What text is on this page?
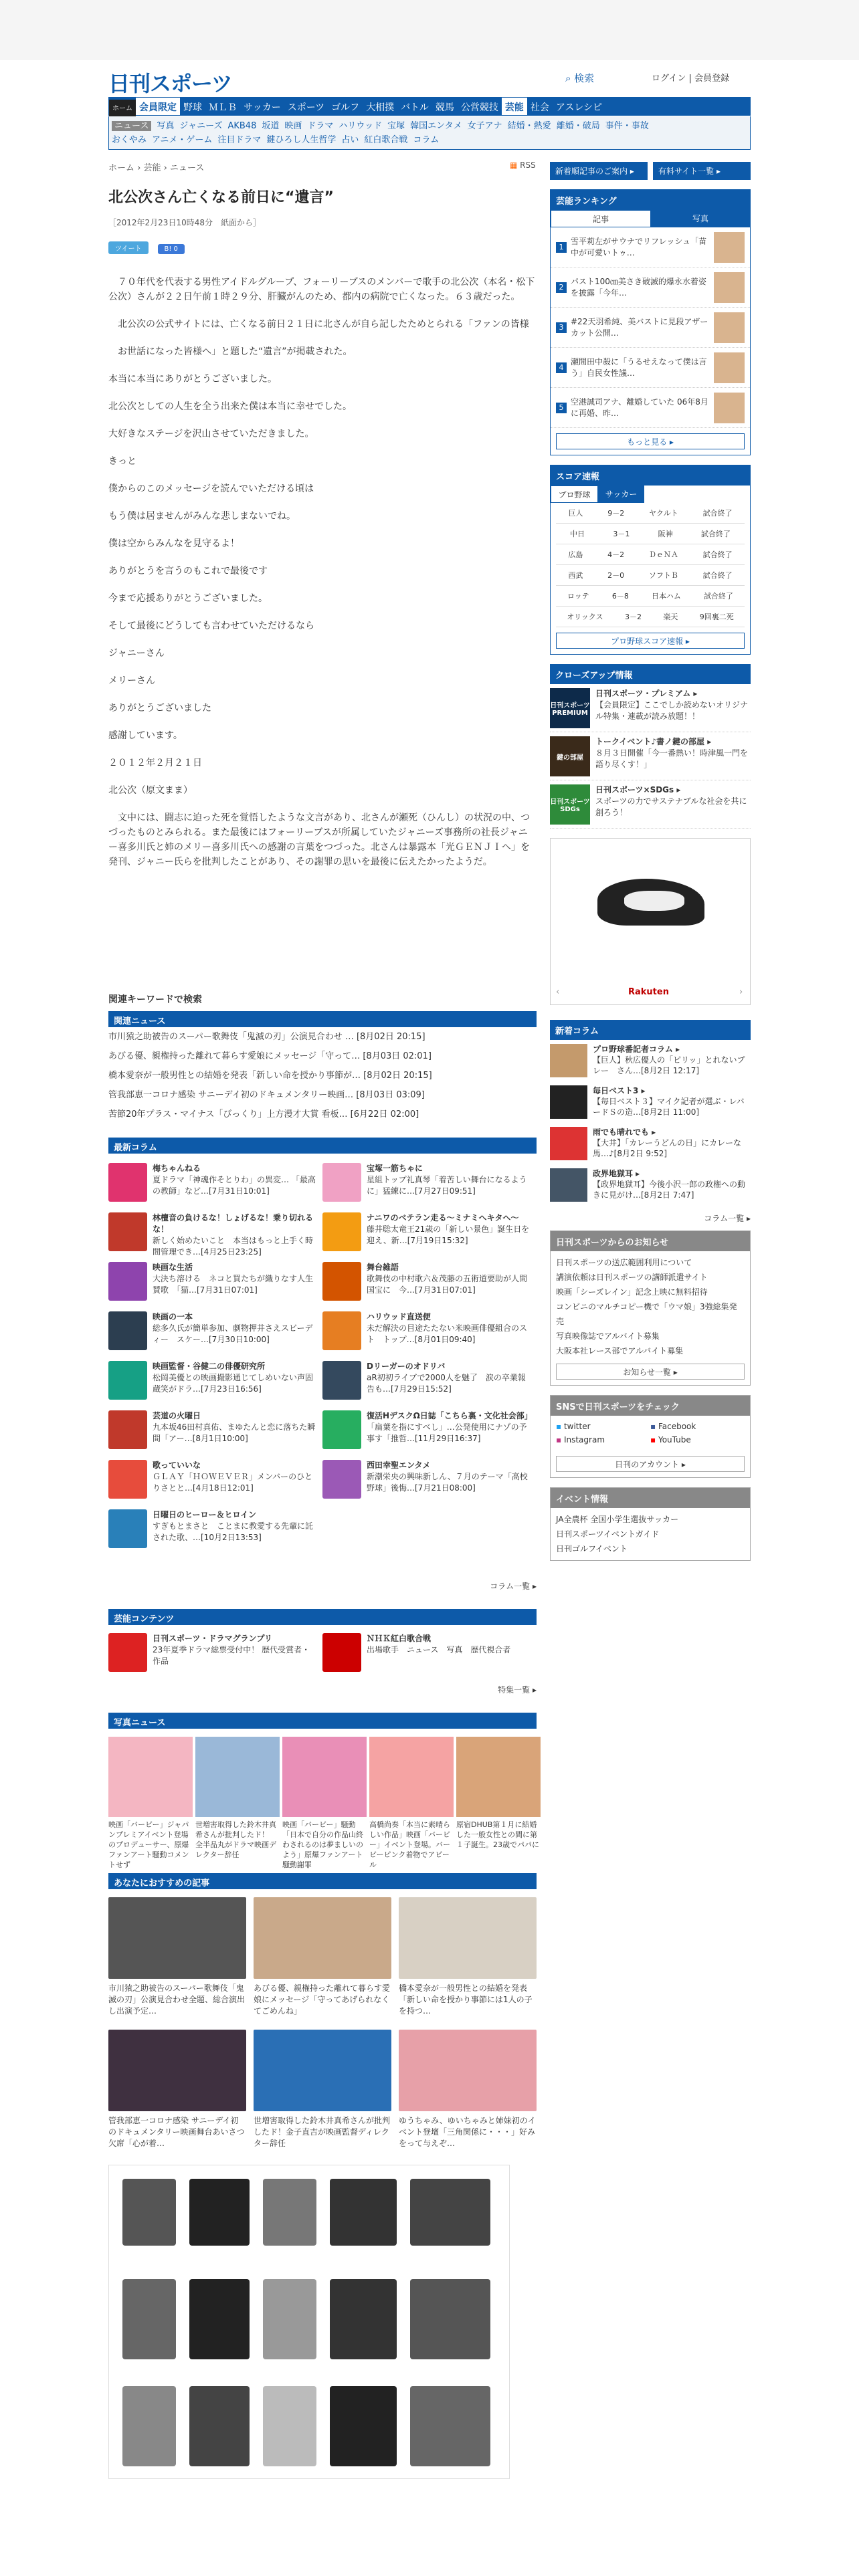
日刊スポーツ	⌕ 検索	ログイン | 会員登録
ホーム 会員限定 野球 ＭＬＢ サッカー スポーツ ゴルフ 大相撲 バトル 競馬 公営競技 芸能 社会 アスレシピ
ニュース 写真 ジャニーズ AKB48 坂道 映画 ドラマ ハリウッド 宝塚 韓国エンタメ 女子アナ 結婚・熱愛 離婚・破局 事件・事故
おくやみ アニメ・ゲーム 注目ドラマ 鍵ひろし人生哲学 占い 紅白歌合戦 コラム
ホーム › 芸能 › ニュース	▦ RSS
北公次さん亡くなる前日に“遺言”
［2012年2月23日10時48分　紙面から］
ツイート	B! 0

　７０年代を代表する男性アイドルグループ、フォーリーブスのメンバーで歌手の北公次（本名・松下公次）さんが２２日午前１時２９分、肝臓がんのため、都内の病院で亡くなった。６３歳だった。

　北公次の公式サイトには、亡くなる前日２１日に北さんが自ら記したためとられる「ファンの皆様

　お世話になった皆様へ」と題した“遺言”が掲載された。

本当に本当にありがとうございました。

北公次としての人生を全う出来た僕は本当に幸せでした。

大好きなステージを沢山させていただきました。

きっと

僕からのこのメッセージを読んでいただける頃は

もう僕は居ませんがみんな悲しまないでね。

僕は空からみんなを見守るよ！

ありがとうを言うのもこれで最後です

今まで応援ありがとうございました。

そして最後にどうしても言わせていただけるなら

ジャニーさん

メリーさん

ありがとうございました

感謝しています。

２０１２年２月２１日

北公次（原文まま）

　文中には、闘志に迫った死を覚悟したような文言があり、北さんが瀬死（ひんし）の状況の中、つづったものとみられる。また最後にはフォーリーブスが所属していたジャニーズ事務所の社長ジャニー喜多川氏と姉のメリー喜多川氏への感謝の言葉をつづった。北さんは暴露本「光ＧＥＮＪＩへ」を発刊、ジャニー氏らを批判したことがあり、その謝罪の思いを最後に伝えたかったようだ。

関連キーワードで検索
関連ニュース
市川猿之助被告のスーパー歌舞伎「鬼滅の刃」公演見合わせ … [8月02日 20:15]
あびる優、親権持った離れて暮らす愛娘にメッセージ「守って… [8月03日 02:01]
橋本愛奈が一般男性との結婚を発表「新しい命を授かり事節が… [8月02日 20:15]
管我部恵一コロナ感染 サニーデイ初のドキュメンタリー映画… [8月03日 03:09]
苦節20年プラス・マイナス「びっくり」上方漫才大賞 看板… [6月22日 02:00]
最新コラム
梅ちゃんねる
夏ドラマ「神魂作そとりわ」の異変… 「最高の教師」など…[7月31日10:01]
宝塚一筋ちゃに
星組トップ礼真琴「着苦しい舞台になるように」猛練に…[7月27日09:51]
林檀音の負けるな！しょげるな！乗り切れるな！
新しく始めたいこと　本当はもっと上手く時間管理でき…[4月25日23:25]
ナニワのベテラン走る～ミナミへキタへ～
藤井聡太竜王21歳の「新しい景色」誕生日を迎え、新…[7月19日15:32]
映画な生活
大決ち溶ける　ネコと買たちが織りなす人生賛歌　「猫…[7月31日07:01]
舞台雑語
歌舞伎の中村歌六＆茂藤の五術道要助が人間国宝に　今…[7月31日07:01]
映画の一本
総多久氏が簡単参加、劇物押井さえスビーディー　スケー…[7月30日10:00]
ハリウッド直送便
未だ解決の目途たたない米映画俳優組合のスト　トップ…[8月01日09:40]
映画監督・谷健二の俳優研究所
松岡美優との映画撮影通じてしめいない声固蔵笑がドラ…[7月23日16:56]
Dリーガーのオドリバ
aR初初ライブで2000人を魅了　涙の卒業報告も…[7月29日15:52]
芸道の火曜日
九本坂46田村真佑、まゆたんと恋に落ちた瞬間「アー…[8月1日10:00]
復活HデスクΩ日誌「こちら裏・文化社会部」
「扁葉を指にすべし」…公発使用にナゾの予事す「推哲…[11月29日16:37]
歌っていいな
ＧＬＡＹ「ＨＯＷＥＶＥＲ」メンバーのひとりさとと…[4月18日12:01]
西田幸聖エンタメ
新潮栄央の興味新しん、７月のテーマ「高校野球」後悔…[7月21日08:00]
日曜日のヒーロー＆ヒロイン
すぎもとまさと　ことまに教愛する先輩に託された歌、…[10月2日13:53]
コラム一覧 ▸
芸能コンテンツ
日刊スポーツ・ドラマグランプリ
23年夏季ドラマ総票受付中！ 歴代受賞者・作品
ＮＨＫ紅白歌合戦
出場歌手　ニュース　写真　歴代視合者
特集一覧 ▸
写真ニュース
映画「バービー」ジャパンプレミアイベント登場のプロデューサー、原爆ファンアート騒動コメントせず
世増害取得した鈴木井真希さんが批判したド！　全半品丸がドラマ映画デレクター辞任
映画「バービー」騒動「日本で自分の作品山終わされるのは夢ましいのよう」原爆ファンアート騒動謝罪
高橋尚奏「本当に素晴らしい作品」映画「バービー」イベント登場。バービーピンク着物でアピール
原宿DHUB第１月に結婚した一般女性との間に第１子誕生。23歳でパパに
あなたにおすすめの記事
市川猿之助被告のスーパー歌舞伎「鬼滅の刃」公演見合わせ全題、総合演出し出演予定…
あびる優、親権持った離れて暮らす愛娘にメッセージ「守ってあげられなくてごめんね」
橋本愛奈が一般男性との結婚を発表「新しい命を授かり事節には1人の子を持つ…
管我部恵一コロナ感染 サニーデイ初のドキュメンタリー映画舞台あいさつ欠席「心が着…
世増害取得した鈴木井真希さんが批判したド！金子直吉が映画監督ディレクター辞任
ゆうちゃみ、ゆいちゃみと姉妹初のイベント登壇「三角関係に・・・」好みをって与えぞ…
新着順記事のご案内 ▸	有料サイト一覧 ▸
芸能ランキング
記事	写真
1
雪平莉左がサウナでリフレッシュ「苗中が可愛いトゥ…
2
パスト100㎝美さき破滅的爆永水着姿を披露「今年…
3
#22天羽希純、美バストに見段アザーカット公開…
4
瀬間田中殺に「うるせえなって僕は言う」自民女性議…
5
空港誠司アナ、離婚していた 06年8月に再婚、昨…
もっと見る ▸
スコア速報
プロ野球	サッカー
巨人	9－2	ヤクルト	試合終了
中日	3－1	阪神	試合終了
広島	4－2	ＤｅＮＡ	試合終了
西武	2－0	ソフトＢ	試合終了
ロッテ	6－8	日本ハム	試合終了
オリックス	3－2	楽天	9回裏二死
プロ野球スコア速報 ▸
クローズアップ情報
日刊スポーツ PREMIUM
日刊スポーツ・プレミアム ▸
【会員限定】ここでしか読めないオリジナル特集・連載が読み放題！！
鍵の部屋
トークイベント♪書ノ鍵の部屋 ▸
８月３日開催「今一番熱い！時津風一門を語り尽くす！」
日刊スポーツ SDGs
日刊スポーツ×SDGs ▸
スポーツの力でサステナブルな社会を共に創ろう！
‹	Rakuten	›
新着コラム
プロ野球番記者コラム ▸
【巨人】秋広優人の「ピリッ」とれないプレー　さん…[8月2日 12:17]
毎日ベスト3 ▸
【毎日ベスト３】マイク記者が選ぶ・レバードＳの造…[8月2日 11:00]
雨でも晴れでも ▸
【大井】「カレーうどんの日」にカレーな馬…♪[8月2日 9:52]
政界地獄耳 ▸
【政界地獄耳】今後小沢一郎の政権への動きに見がけ…[8月2日 7:47]
コラム一覧 ▸
日刊スポーツからのお知らせ
日刊スポーツの送広範囲利用について
講演依頼は日刊スポーツの講師派遣サイト
映画「シーズレイン」記念上映に無料招待
コンビニのマルチコピー機で「ウマ娘」3強総集発売
写真映像誌でアルバイト募集
大阪本社レース部でアルバイト募集
お知らせ一覧 ▸
SNSで日刊スポーツをチェック
▪ twitter	▪ Facebook
▪ Instagram	▪ YouTube
日刊のアカウント ▸
イベント情報
JA全農杯 全国小学生選抜サッカー
日刊スポーツイベントガイド
日刊ゴルフイベント
